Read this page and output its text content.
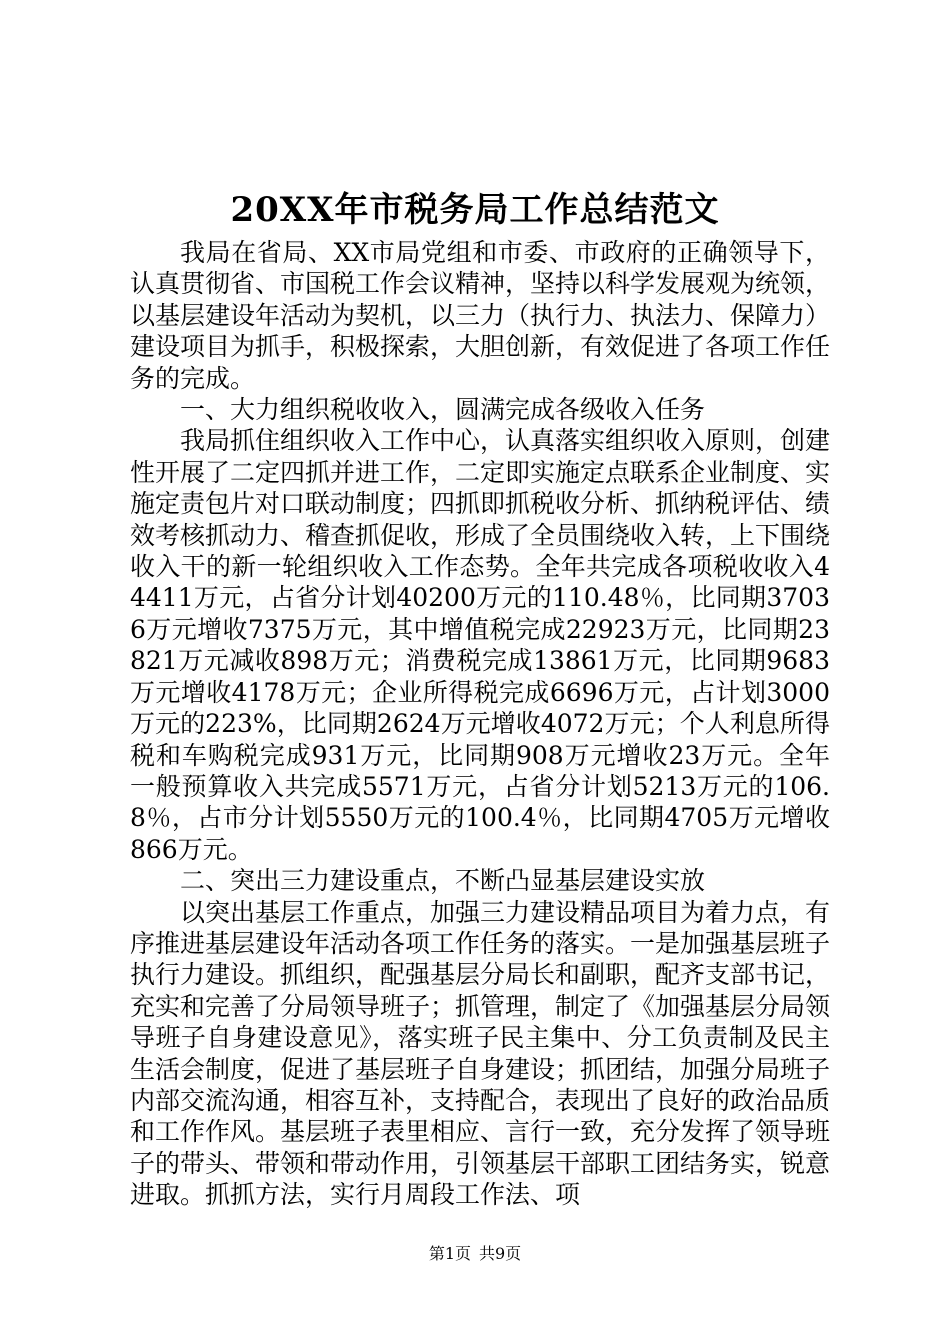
20XX年市税务局工作总结范文

我局在省局、XX市局党组和市委、市政府的正确领导下，认真贯彻省、市国税工作会议精神，坚持以科学发展观为统领，以基层建设年活动为契机，以三力（执行力、执法力、保障力）建设项目为抓手，积极探索，大胆创新，有效促进了各项工作任务的完成。

一、大力组织税收收入，圆满完成各级收入任务

我局抓住组织收入工作中心，认真落实组织收入原则，创建性开展了二定四抓并进工作，二定即实施定点联系企业制度、实施定责包片对口联动制度；四抓即抓税收分析、抓纳税评估、绩效考核抓动力、稽查抓促收，形成了全员围绕收入转，上下围绕收入干的新一轮组织收入工作态势。全年共完成各项税收收入44411万元，占省分计划40200万元的110.48％，比同期37036万元增收7375万元，其中增值税完成22923万元，比同期23821万元减收898万元；消费税完成13861万元，比同期9683万元增收4178万元；企业所得税完成6696万元，占计划3000万元的223%，比同期2624万元增收4072万元；个人利息所得税和车购税完成931万元，比同期908万元增收23万元。全年一般预算收入共完成5571万元，占省分计划5213万元的106.8％，占市分计划5550万元的100.4％，比同期4705万元增收866万元。

二、突出三力建设重点，不断凸显基层建设实放

以突出基层工作重点，加强三力建设精品项目为着力点，有序推进基层建设年活动各项工作任务的落实。一是加强基层班子执行力建设。抓组织，配强基层分局长和副职，配齐支部书记，充实和完善了分局领导班子；抓管理，制定了《加强基层分局领导班子自身建设意见》，落实班子民主集中、分工负责制及民主生活会制度，促进了基层班子自身建设；抓团结，加强分局班子内部交流沟通，相容互补，支持配合，表现出了良好的政治品质和工作作风。基层班子表里相应、言行一致，充分发挥了领导班子的带头、带领和带动作用，引领基层干部职工团结务实，锐意进取。抓抓方法，实行月周段工作法、项

第1页 共9页
